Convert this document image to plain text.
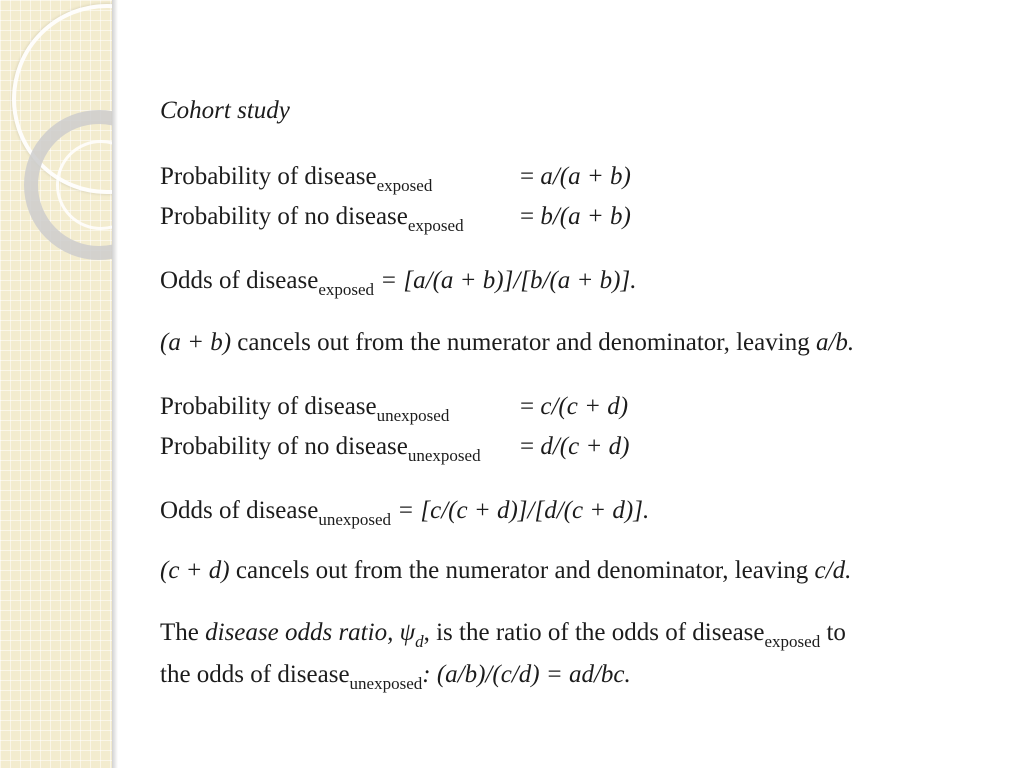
Cohort study
Probability of disease$_{exposed}$	= a/(a + b)
Probability of no disease$_{exposed}$ = b/(a + b)
Odds of disease$_{exposed}$ = [a/(a + b)]/[b/(a + b)].
(a + b) cancels out from the numerator and denominator, leaving a/b.
Probability of disease$_{unexposed}$	= c/(c + d)
Probability of no disease$_{unexposed}$ = d/(c + d)
Odds of disease$_{unexposed}$ = [c/(c + d)]/[d/(c + d)].
(c + d) cancels out from the numerator and denominator, leaving c/d.
The disease odds ratio, $\psi_d$, is the ratio of the odds of disease$_{exposed}$ to
the odds of disease$_{unexposed}$: (a/b)/(c/d) = ad/bc.
